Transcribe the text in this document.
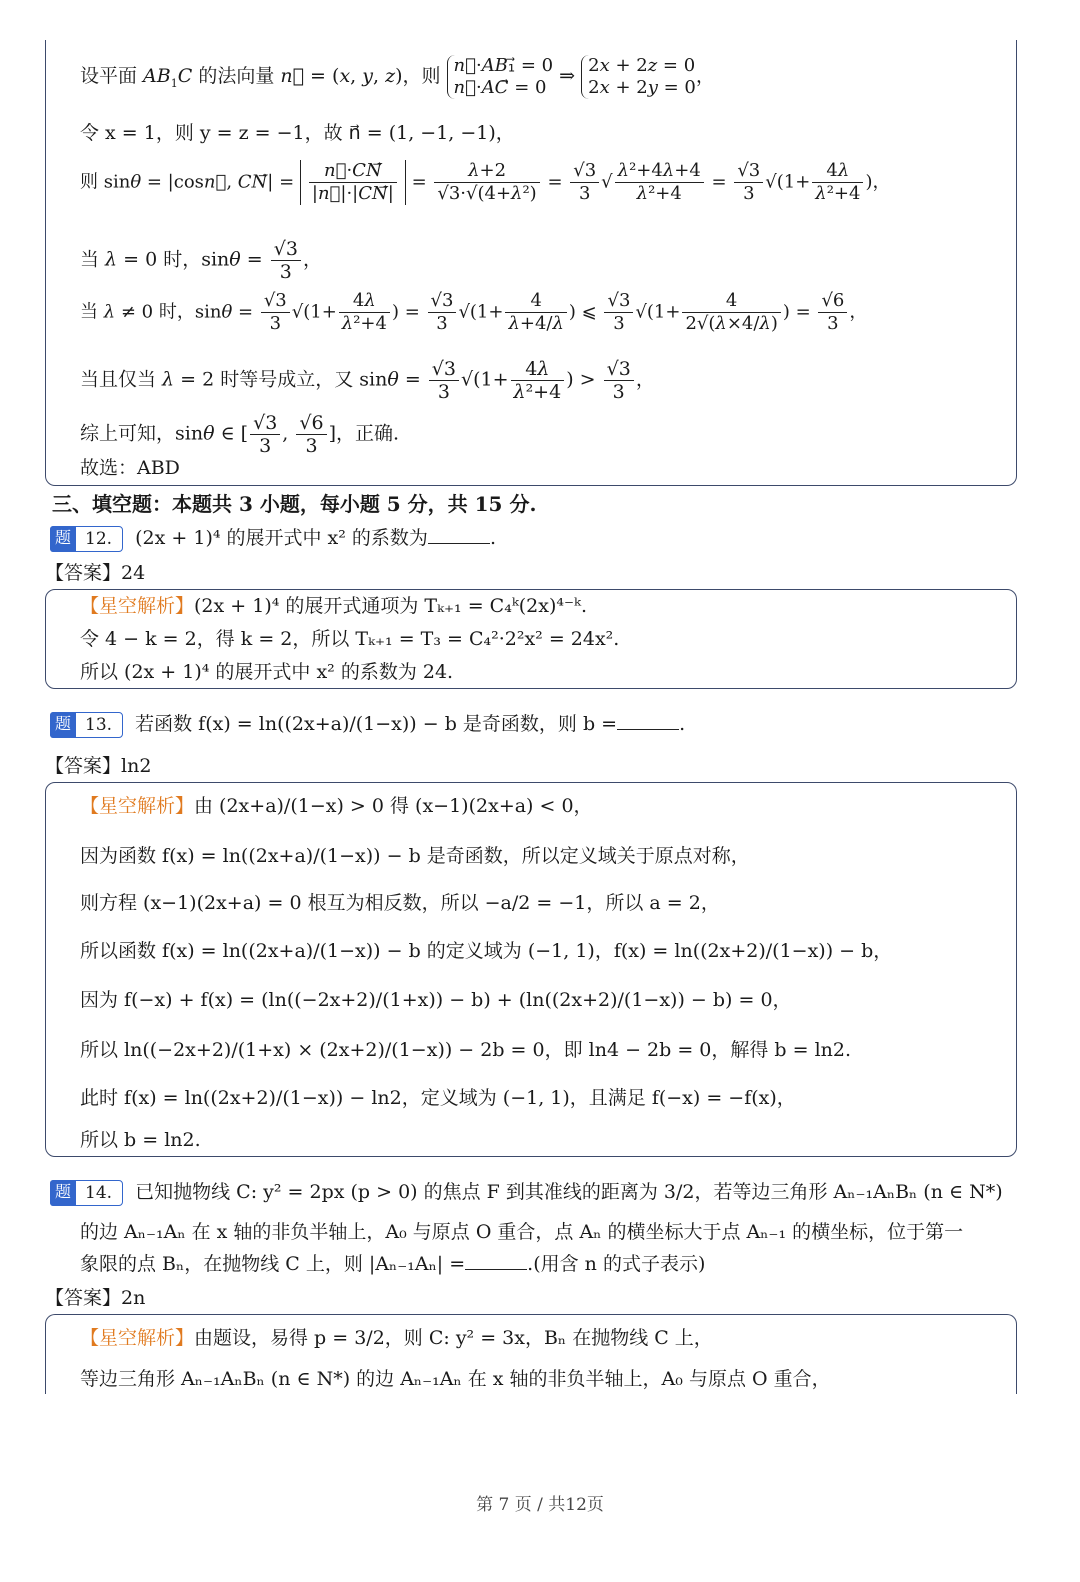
设平面 $AB_1C$ 的法向量 n⃗ = (x, y, z)，则 n⃗·AB₁⃗ = 0
n⃗·AC⃗ = 0
⇒ 2x + 2z = 0
2x + 2y = 0
，
令 x = 1，则 y = z = −1，故 n⃗ = (1, −1, −1)，
则 sinθ = |cosn⃗, CN⃗| = $\frac{n⃗\cdot CN}{|n⃗|\cdot|CN⃗|} = \frac{\lambda+2}{\text{√3·√(4+λ²)}} = \frac{√3}{3}$ √ $\frac{\text{λ²+4λ+4}}{\text{λ²+4}} = \frac{√3}{3} √(1+ \frac{4\lambda}{\text{λ²+4}}$ )，
当 λ = 0 时，$\sin\theta = \frac{√3}{3}$ ，
当 λ ≠ 0 时，$\sin\theta = \frac{√3}{3} √(1+ \frac{4\lambda}{\text{λ²+4}}$ ) = $\frac{√3}{3} √(1+ \frac{4}{\lambda+4/\lambda}$ ) ⩽ $\frac{√3}{3} √(1+ \frac{4}{2√(\lambda\times 4/\lambda)}$ ) = $\frac{√6}{3}$ ，
当且仅当 λ = 2 时等号成立，又 $\sin\theta = \frac{√3}{3} √(1+ \frac{4\lambda}{\text{λ²+4}}$ ) > $\frac{√3}{3}$ ，
综上可知，sinθ ∈ [ $\frac{√3}{3}$ , $\frac{√6}{3}$ ]，正确.
故选：ABD
三、填空题：本题共 3 小题，每小题 5 分，共 15 分.
题 12. (2x + 1)⁴ 的展开式中 x² 的系数为	.
【答案】24
【星空解析】(2x + 1)⁴ 的展开式通项为 Tₖ₊₁ = C₄ᵏ(2x)⁴⁻ᵏ.
令 4 − k = 2，得 k = 2，所以 Tₖ₊₁ = T₃ = C₄²·2²x² = 24x².
所以 (2x + 1)⁴ 的展开式中 x² 的系数为 24.
题 13. 若函数 f(x) = ln((2x+a)/(1−x)) − b 是奇函数，则 b =	.
【答案】ln2
【星空解析】由 (2x+a)/(1−x) > 0 得 (x−1)(2x+a) < 0，
因为函数 f(x) = ln((2x+a)/(1−x)) − b 是奇函数，所以定义域关于原点对称，
则方程 (x−1)(2x+a) = 0 根互为相反数，所以 −a/2 = −1，所以 a = 2，
所以函数 f(x) = ln((2x+a)/(1−x)) − b 的定义域为 (−1, 1)，f(x) = ln((2x+2)/(1−x)) − b，
因为 f(−x) + f(x) = (ln((−2x+2)/(1+x)) − b) + (ln((2x+2)/(1−x)) − b) = 0，
所以 ln((−2x+2)/(1+x) × (2x+2)/(1−x)) − 2b = 0，即 ln4 − 2b = 0，解得 b = ln2.
此时 f(x) = ln((2x+2)/(1−x)) − ln2，定义域为 (−1, 1)，且满足 f(−x) = −f(x)，
所以 b = ln2.
题 14. 已知抛物线 C: y² = 2px (p > 0) 的焦点 F 到其准线的距离为 3/2，若等边三角形 Aₙ₋₁AₙBₙ (n ∈ N*)
的边 Aₙ₋₁Aₙ 在 x 轴的非负半轴上，A₀ 与原点 O 重合，点 Aₙ 的横坐标大于点 Aₙ₋₁ 的横坐标，位于第一
象限的点 Bₙ，在抛物线 C 上，则 |Aₙ₋₁Aₙ| =	.(用含 n 的式子表示)
【答案】2n
【星空解析】由题设，易得 p = 3/2，则 C: y² = 3x，Bₙ 在抛物线 C 上，
等边三角形 Aₙ₋₁AₙBₙ (n ∈ N*) 的边 Aₙ₋₁Aₙ 在 x 轴的非负半轴上，A₀ 与原点 O 重合，
第 7 页 / 共12页
